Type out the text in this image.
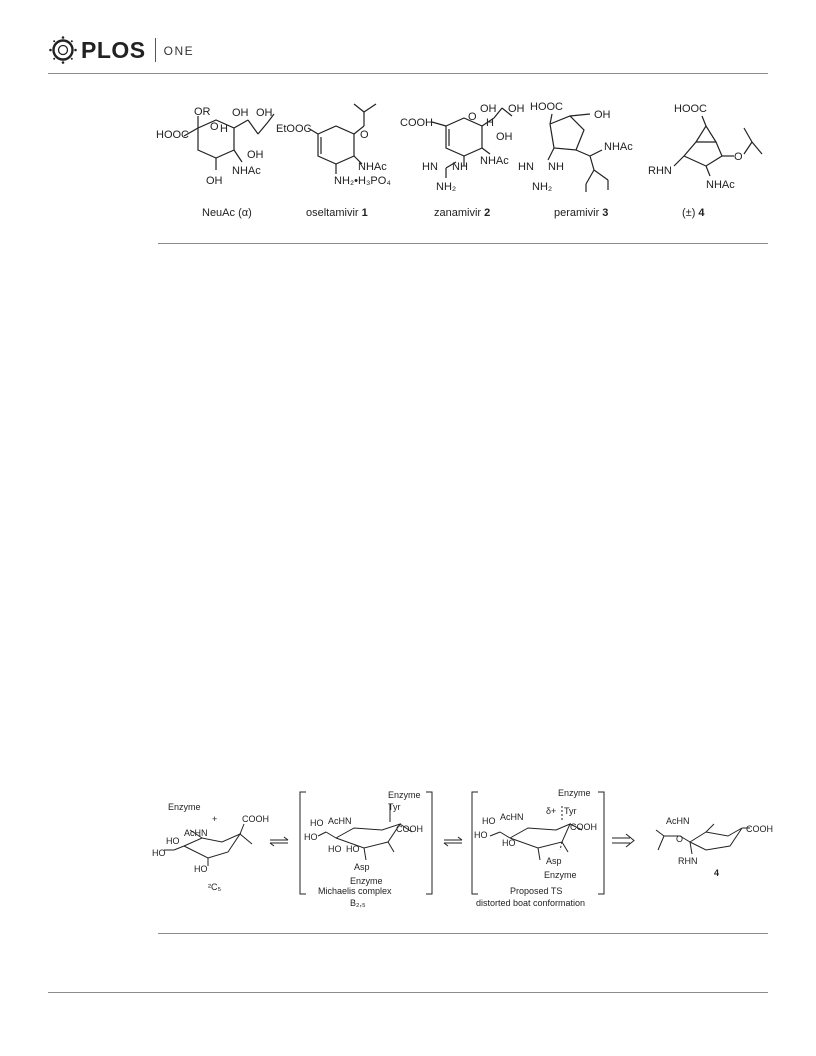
PLOS ONE
OR
HOOC
O H
OH OH
OH
OH
NHAc
EtOOC	O
NHAc
NH₂•H₃PO₄
COOH	O H
OH OH
OH
HN NH NHAc
NH₂
HOOC
OH
NHAc
HN NH
NH₂
HOOC
O
RHN
NHAc
NeuAc (α)	oseltamivir 1	zanamivir 2	peramivir 3	(±) 4
Enzyme
+	COOH
AcHN
HO
HO
HO
²C₅
Enzyme
Tyr
AcHN
HO
HO
HO HO
COOH
Asp
Enzyme
Michaelis complex
B₂,₅
Enzyme
δ+ Tyr
AcHN
HO
HO
HO
COOH
Asp
Enzyme
Proposed TS
distorted boat conformation
AcHN
O
RHN
COOH
4
